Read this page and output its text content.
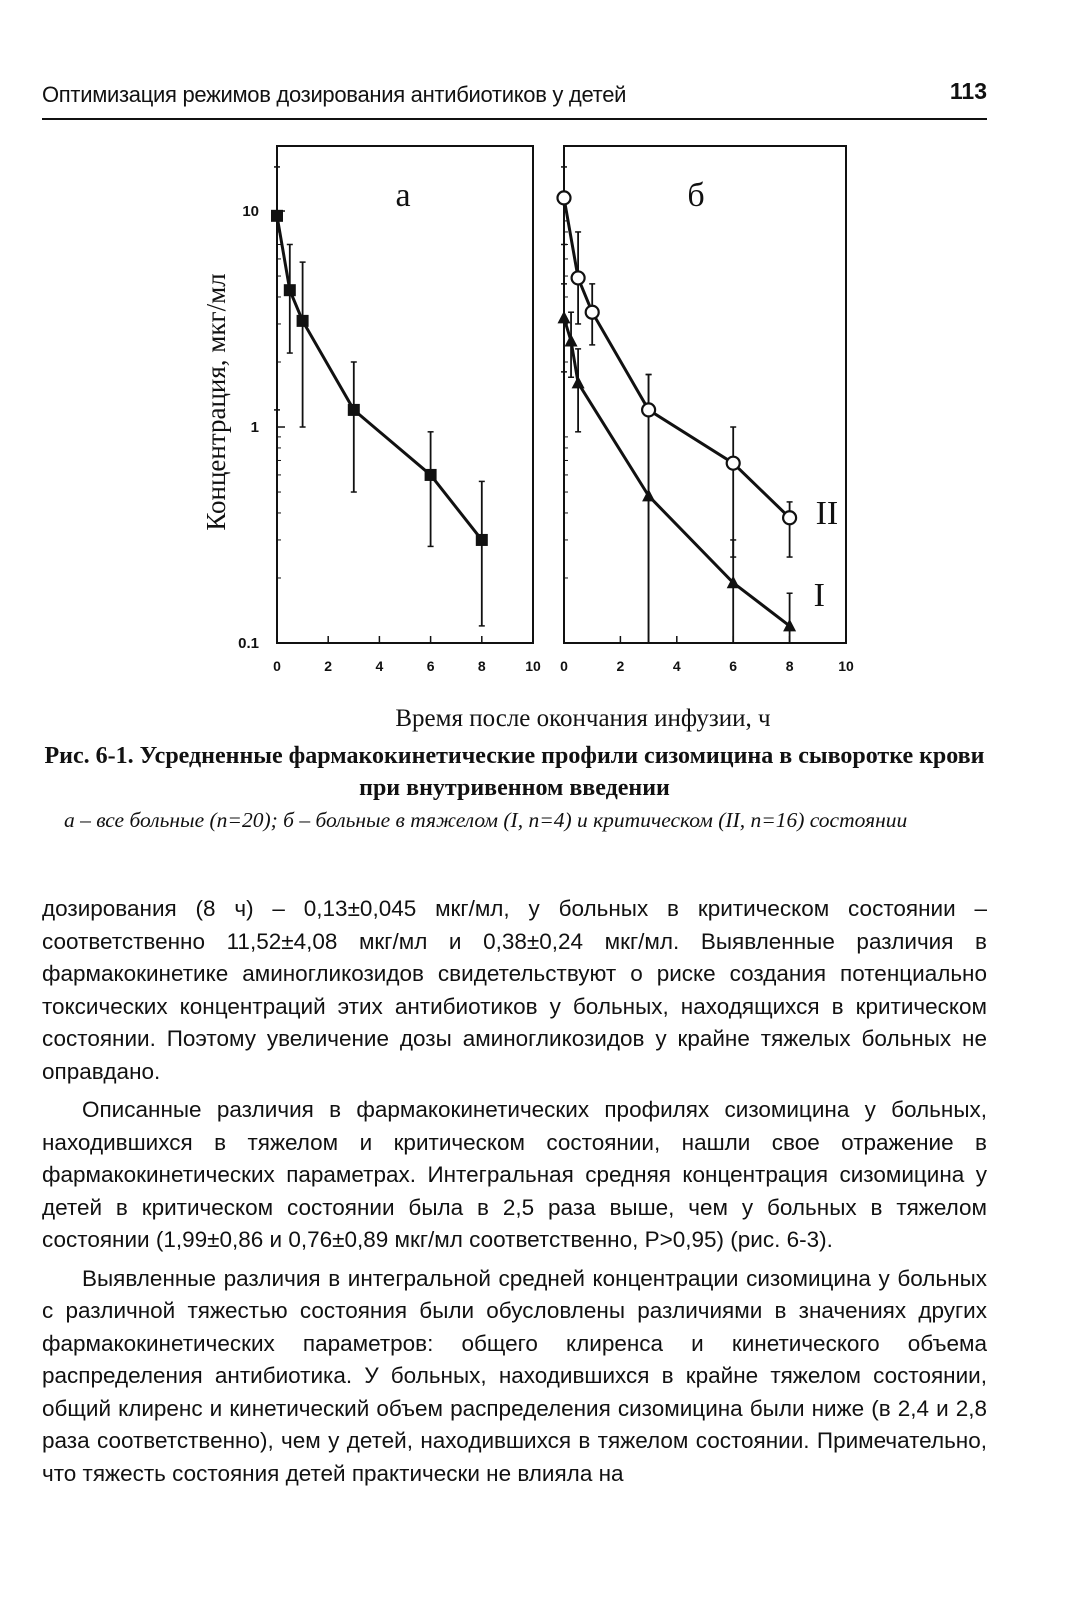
Оптимизация режимов дозирования антибиотиков у детей	113
0	2	4	6	8	10
10
1
0.1
а
0	2	4	6	8	10
б
I
II
Концентрация, мкг/мл
Время после окончания инфузии, ч
Рис. 6-1. Усредненные фармакокинетические профили сизомицина в сыворотке крови при внутривенном введении
а – все больные (n=20); б – больные в тяжелом (I, n=4) и критическом (II, n=16) состоянии

дозирования (8 ч) – 0,13±0,045 мкг/мл, у больных в критическом состоянии – соответственно 11,52±4,08 мкг/мл и 0,38±0,24 мкг/мл. Выявленные различия в фармакокинетике аминогликозидов свидетельствуют о риске создания потенциально токсических концентраций этих антибиотиков у больных, находящихся в критическом состоянии. Поэтому увеличение дозы аминогликозидов у крайне тяжелых больных не оправдано.

Описанные различия в фармакокинетических профилях сизомицина у больных, находившихся в тяжелом и критическом состоянии, нашли свое отражение в фармакокинетических параметрах. Интегральная средняя концентрация сизомицина у детей в критическом состоянии была в 2,5 раза выше, чем у больных в тяжелом состоянии (1,99±0,86 и 0,76±0,89 мкг/мл соответственно, P>0,95) (рис. 6-3).

Выявленные различия в интегральной средней концентрации сизомицина у больных с различной тяжестью состояния были обусловлены различиями в значениях других фармакокинетических параметров: общего клиренса и кинетического объема распределения антибиотика. У больных, находившихся в крайне тяжелом состоянии, общий клиренс и кинетический объем распределения сизомицина были ниже (в 2,4 и 2,8 раза соответственно), чем у детей, находившихся в тяжелом состоянии. Примечательно, что тяжесть состояния детей практически не влияла на
